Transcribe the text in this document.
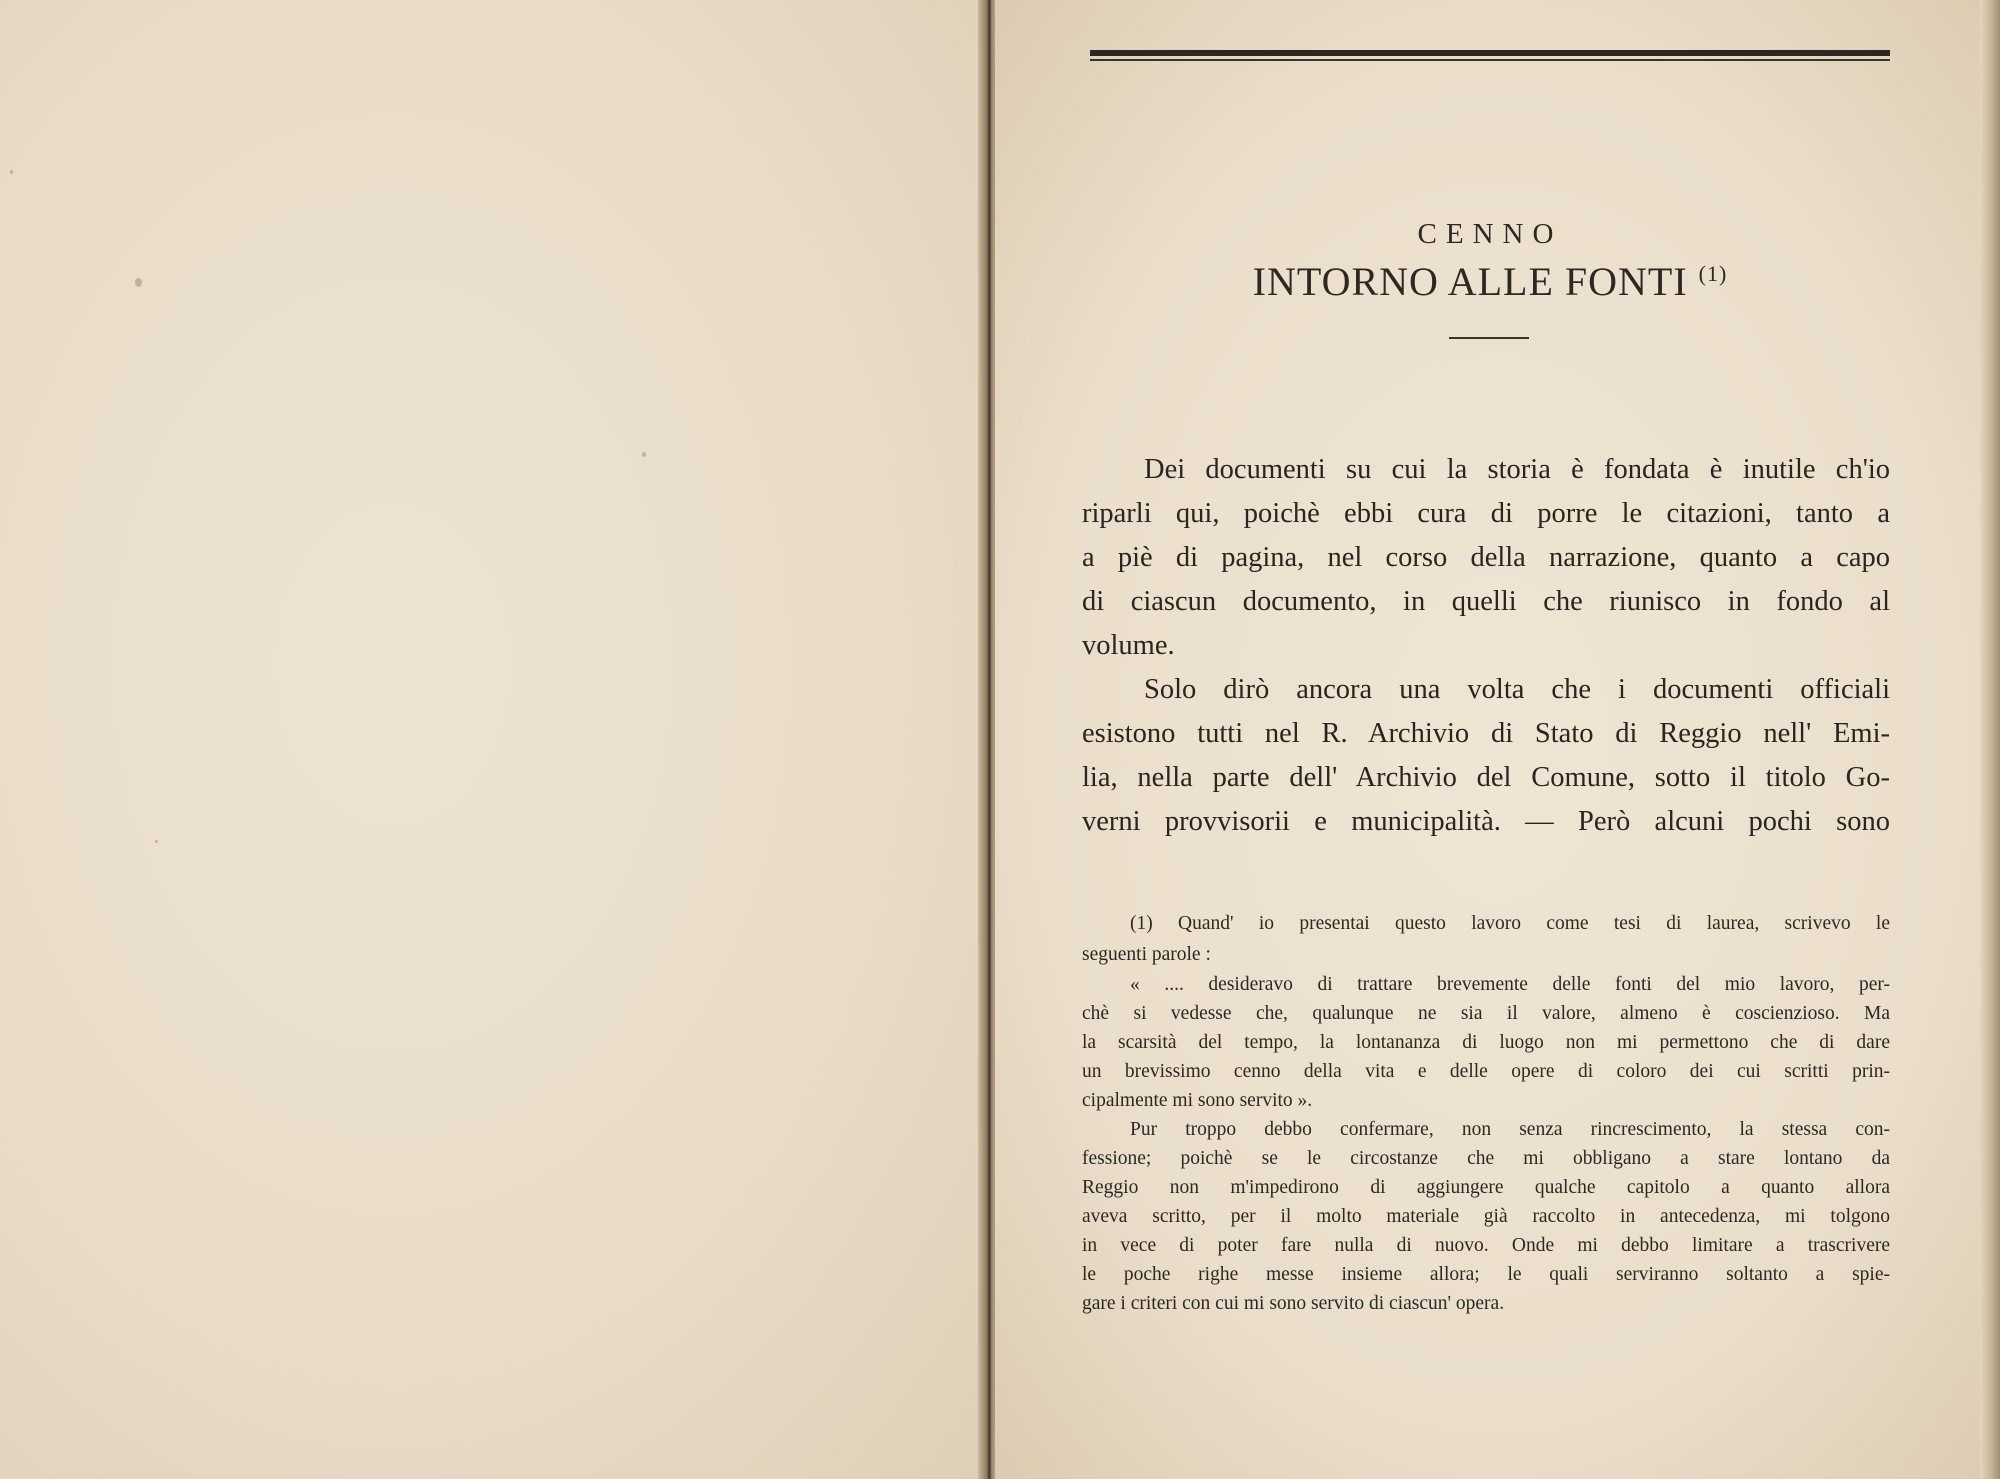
CENNO
INTORNO ALLE FONTI $^{(1)}$
Dei documenti su cui la storia è fondata è inutile ch'io
riparli qui, poichè ebbi cura di porre le citazioni, tanto a
a piè di pagina, nel corso della narrazione, quanto a capo
di ciascun documento, in quelli che riunisco in fondo al
volume.
Solo dirò ancora una volta che i documenti officiali
esistono tutti nel R. Archivio di Stato di Reggio nell' Emi-
lia, nella parte dell' Archivio del Comune, sotto il titolo Go-
verni provvisorii e municipalità. — Però alcuni pochi sono
(1) Quand' io presentai questo lavoro come tesi di laurea, scrivevo le
seguenti parole :
« .... desideravo di trattare brevemente delle fonti del mio lavoro, per-
chè si vedesse che, qualunque ne sia il valore, almeno è coscienzioso. Ma
la scarsità del tempo, la lontananza di luogo non mi permettono che di dare
un brevissimo cenno della vita e delle opere di coloro dei cui scritti prin-
cipalmente mi sono servito ».
Pur troppo debbo confermare, non senza rincrescimento, la stessa con-
fessione; poichè se le circostanze che mi obbligano a stare lontano da
Reggio non m'impedirono di aggiungere qualche capitolo a quanto allora
aveva scritto, per il molto materiale già raccolto in antecedenza, mi tolgono
in vece di poter fare nulla di nuovo. Onde mi debbo limitare a trascrivere
le poche righe messe insieme allora; le quali serviranno soltanto a spie-
gare i criteri con cui mi sono servito di ciascun' opera.
